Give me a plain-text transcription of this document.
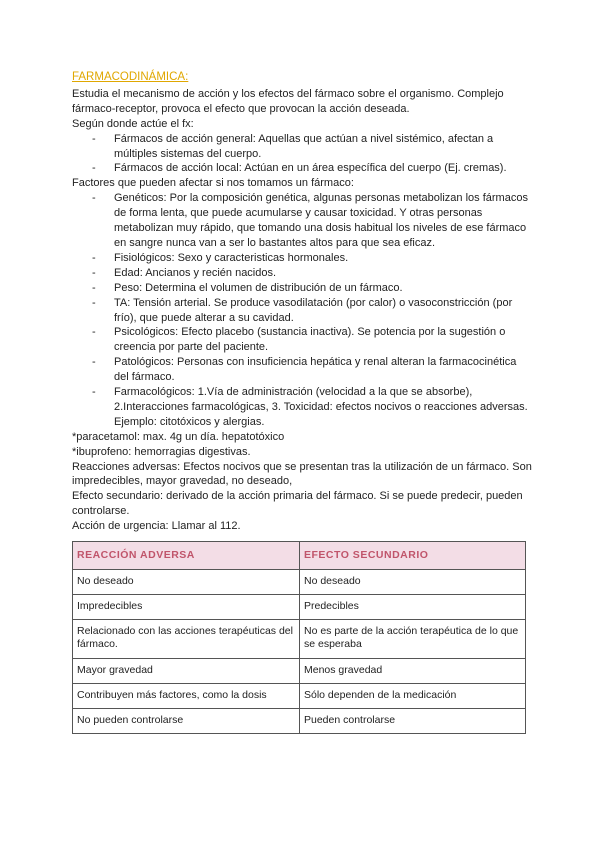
FARMACODINÁMICA:

Estudia el mecanismo de acción y los efectos del fármaco sobre el organismo. Complejo fármaco-receptor, provoca el efecto que provocan la acción deseada.

Según donde actúe el fx:

- Fármacos de acción general: Aquellas que actúan a nivel sistémico, afectan a múltiples sistemas del cuerpo.
- Fármacos de acción local: Actúan en un área específica del cuerpo (Ej. cremas).

Factores que pueden afectar si nos tomamos un fármaco:

- Genéticos: Por la composición genética, algunas personas metabolizan los fármacos de forma lenta, que puede acumularse y causar toxicidad. Y otras personas metabolizan muy rápido, que tomando una dosis habitual los niveles de ese fármaco en sangre nunca van a ser lo bastantes altos para que sea eficaz.
- Fisiológicos: Sexo y caracteristicas hormonales.
- Edad: Ancianos y recién nacidos.
- Peso: Determina el volumen de distribución de un fármaco.
- TA: Tensión arterial. Se produce vasodilatación (por calor) o vasoconstricción (por frío), que puede alterar a su cavidad.
- Psicológicos: Efecto placebo (sustancia inactiva). Se potencia por la sugestión o creencia por parte del paciente.
- Patológicos: Personas con insuficiencia hepática y renal alteran la farmacocinética del fármaco.
- Farmacológicos: 1.Vía de administración (velocidad a la que se absorbe), 2.Interacciones farmacológicas, 3. Toxicidad: efectos nocivos o reacciones adversas. Ejemplo: citotóxicos y alergias.

*paracetamol: max. 4g un día. hepatotóxico

*ibuprofeno: hemorragias digestivas.

Reacciones adversas: Efectos nocivos que se presentan tras la utilización de un fármaco. Son impredecibles, mayor gravedad, no deseado,

Efecto secundario: derivado de la acción primaria del fármaco. Si se puede predecir, pueden controlarse.

Acción de urgencia: Llamar al 112.

REACCIÓN ADVERSA	EFECTO SECUNDARIO
No deseado	No deseado
Impredecibles	Predecibles
Relacionado con las acciones terapéuticas del fármaco.	No es parte de la acción terapéutica de lo que se esperaba
Mayor gravedad	Menos gravedad
Contribuyen más factores, como la dosis	Sólo dependen de la medicación
No pueden controlarse	Pueden controlarse
